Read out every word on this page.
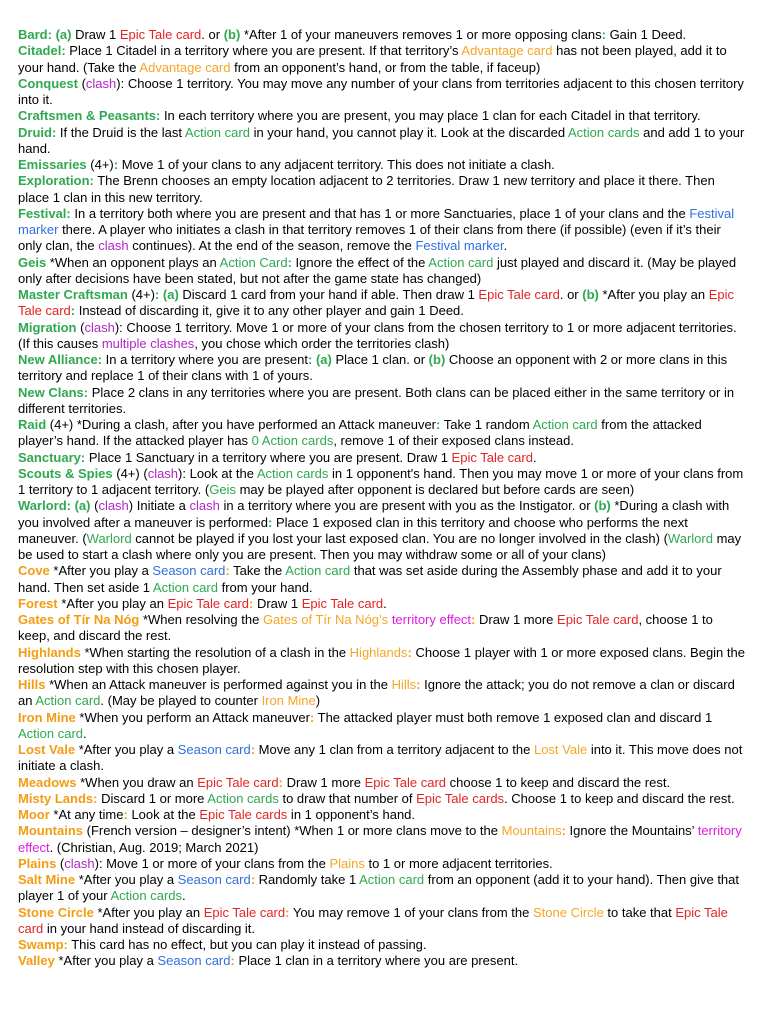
Bard: (a) Draw 1 Epic Tale card. or (b) *After 1 of your maneuvers removes 1 or more opposing clans: Gain 1 Deed.

Citadel: Place 1 Citadel in a territory where you are present. If that territory’s Advantage card has not been played, add it to your hand. (Take the Advantage card from an opponent’s hand, or from the table, if faceup)

Conquest (clash): Choose 1 territory. You may move any number of your clans from territories adjacent to this chosen territory into it.

Craftsmen & Peasants: In each territory where you are present, you may place 1 clan for each Citadel in that territory.

Druid: If the Druid is the last Action card in your hand, you cannot play it. Look at the discarded Action cards and add 1 to your hand.

Emissaries (4+): Move 1 of your clans to any adjacent territory. This does not initiate a clash.

Exploration: The Brenn chooses an empty location adjacent to 2 territories. Draw 1 new territory and place it there. Then place 1 clan in this new territory.

Festival: In a territory both where you are present and that has 1 or more Sanctuaries, place 1 of your clans and the Festival marker there. A player who initiates a clash in that territory removes 1 of their clans from there (if possible) (even if it’s their only clan, the clash continues). At the end of the season, remove the Festival marker.

Geis *When an opponent plays an Action Card: Ignore the effect of the Action card just played and discard it. (May be played only after decisions have been stated, but not after the game state has changed)

Master Craftsman (4+): (a) Discard 1 card from your hand if able. Then draw 1 Epic Tale card. or (b) *After you play an Epic Tale card: Instead of discarding it, give it to any other player and gain 1 Deed.

Migration (clash): Choose 1 territory. Move 1 or more of your clans from the chosen territory to 1 or more adjacent territories. (If this causes multiple clashes, you chose which order the territories clash)

New Alliance: In a territory where you are present: (a) Place 1 clan. or (b) Choose an opponent with 2 or more clans in this territory and replace 1 of their clans with 1 of yours.

New Clans: Place 2 clans in any territories where you are present. Both clans can be placed either in the same territory or in different territories.

Raid (4+) *During a clash, after you have performed an Attack maneuver: Take 1 random Action card from the attacked player’s hand. If the attacked player has 0 Action cards, remove 1 of their exposed clans instead.

Sanctuary: Place 1 Sanctuary in a territory where you are present. Draw 1 Epic Tale card.

Scouts & Spies (4+) (clash): Look at the Action cards in 1 opponent's hand. Then you may move 1 or more of your clans from 1 territory to 1 adjacent territory. (Geis may be played after opponent is declared but before cards are seen)

Warlord: (a) (clash) Initiate a clash in a territory where you are present with you as the Instigator. or (b) *During a clash with you involved after a maneuver is performed: Place 1 exposed clan in this territory and choose who performs the next maneuver. (Warlord cannot be played if you lost your last exposed clan. You are no longer involved in the clash) (Warlord may be used to start a clash where only you are present. Then you may withdraw some or all of your clans)

Cove *After you play a Season card: Take the Action card that was set aside during the Assembly phase and add it to your hand. Then set aside 1 Action card from your hand.

Forest *After you play an Epic Tale card: Draw 1 Epic Tale card.

Gates of Tír Na Nóg *When resolving the Gates of Tír Na Nóg’s territory effect: Draw 1 more Epic Tale card, choose 1 to keep, and discard the rest.

Highlands *When starting the resolution of a clash in the Highlands: Choose 1 player with 1 or more exposed clans. Begin the resolution step with this chosen player.

Hills *When an Attack maneuver is performed against you in the Hills: Ignore the attack; you do not remove a clan or discard an Action card. (May be played to counter Iron Mine)

Iron Mine *When you perform an Attack maneuver: The attacked player must both remove 1 exposed clan and discard 1 Action card.

Lost Vale *After you play a Season card: Move any 1 clan from a territory adjacent to the Lost Vale into it. This move does not initiate a clash.

Meadows *When you draw an Epic Tale card: Draw 1 more Epic Tale card choose 1 to keep and discard the rest.

Misty Lands: Discard 1 or more Action cards to draw that number of Epic Tale cards. Choose 1 to keep and discard the rest.

Moor *At any time: Look at the Epic Tale cards in 1 opponent’s hand.

Mountains (French version – designer’s intent) *When 1 or more clans move to the Mountains: Ignore the Mountains’ territory effect. (Christian, Aug. 2019; March 2021)

Plains (clash): Move 1 or more of your clans from the Plains to 1 or more adjacent territories.

Salt Mine *After you play a Season card: Randomly take 1 Action card from an opponent (add it to your hand). Then give that player 1 of your Action cards.

Stone Circle *After you play an Epic Tale card: You may remove 1 of your clans from the Stone Circle to take that Epic Tale card in your hand instead of discarding it.

Swamp: This card has no effect, but you can play it instead of passing.

Valley *After you play a Season card: Place 1 clan in a territory where you are present.
